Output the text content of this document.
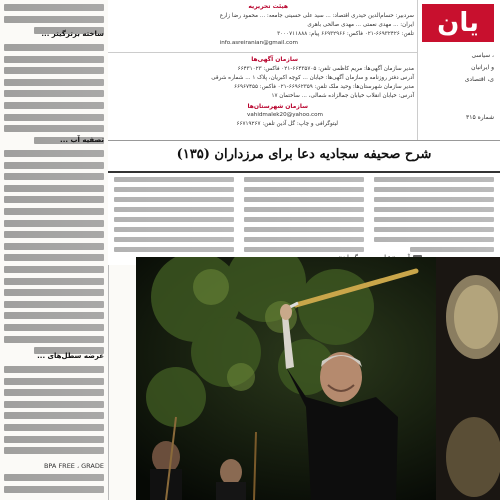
ساخته برترگیتر ...
تصفیه آب ...
عرضه سطل‌های ...
BPA FREE ، GRADE
هیئت تحریریه
سردبیر: حسام‌الدین حیدری اقتصاد: ... سید علی حسینی جامعه: ... محمود رضا زارع
ایران: ... مهدی نعمتی ... مهدی صالحی باهری
تلفن: ۶۶۹۳۲۴۲۶-۰۲۱ فاکس: ۶۶۹۳۲۹۶۶ پیام: ۳۰۰۰۷۱۱۸۸۸
info.asreiranian@gmail.com
سازمان آگهی‌ها
مدیر سازمان آگهی‌ها: مریم کاظمی تلفن: ۶۶۴۳۵۷۰۵-۰۲۱ فاکس: ۶۶۴۳۱۰۲۳
آدرس دفتر روزنامه و سازمان آگهی‌ها: خیابان ... کوچه اکبریان، پلاک ۱ ... شماره شرقی
مدیر سازمان شهرستان‌ها: وحید ملک تلفن: ۶۶۹۶۲۳۵۹-۰۲۱ فاکس: ۶۶۹۶۷۴۵۵
آدرس: خیابان انقلاب خیابان جمالزاده شمالی، ... ساختمان ۱۷
سازمان شهرستان‌ها
vahidmalek20@yahoo.com
لیتوگرافی و چاپ: گل آذین تلفن: ۶۶۷۱۹۲۶۷
یان
، سیاسی
و ایرانیان
ی، اقتصادی
شماره ۳۱۵
شرح صحیفه سجادیه دعا برای مرزداران (۱۳۵)
